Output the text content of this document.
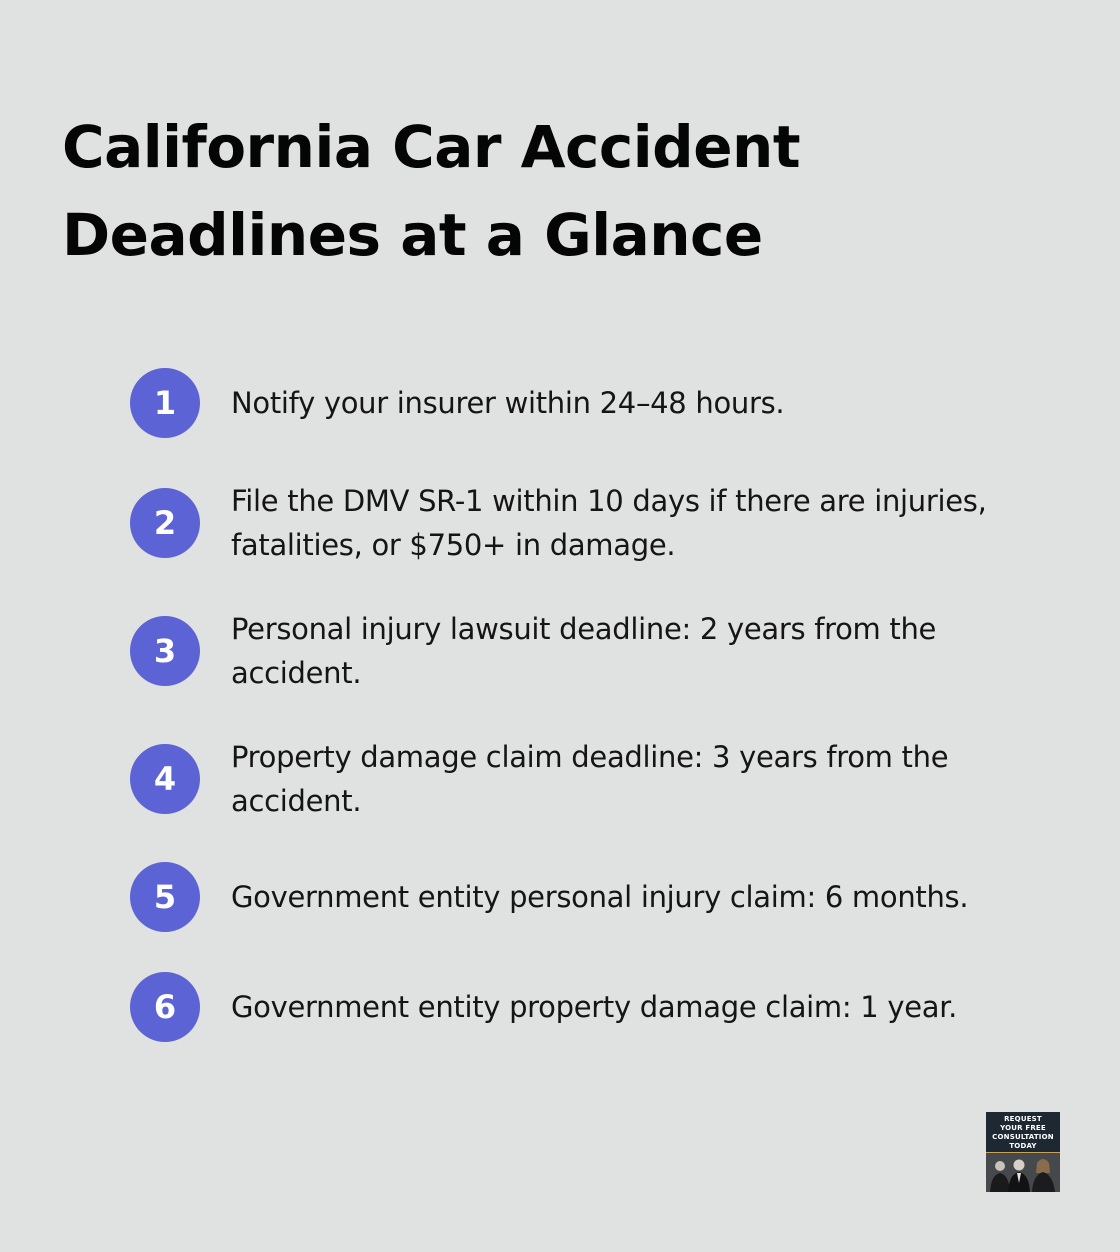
California Car Accident Deadlines at a Glance
1	Notify your insurer within 24–48 hours.
2
File the DMV SR-1 within 10 days if there are injuries, fatalities, or $750+ in damage.
3
Personal injury lawsuit deadline: 2 years from the accident.
4
Property damage claim deadline: 3 years from the accident.
5	Government entity personal injury claim: 6 months.
6	Government entity property damage claim: 1 year.
REQUEST
YOUR FREE
CONSULTATION
TODAY
